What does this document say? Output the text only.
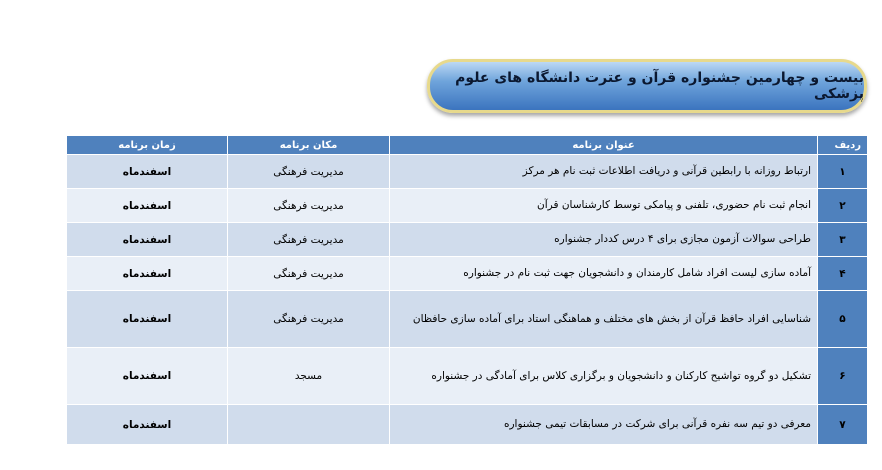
بیست و چهارمین جشنواره قرآن و عترت دانشگاه های علوم پزشکی
ردیف	عنوان برنامه	مکان برنامه	زمان برنامه
۱	ارتباط روزانه با رابطین قرآنی و دریافت اطلاعات ثبت نام هر مرکز	مدیریت فرهنگی	اسفندماه
۲	انجام ثبت نام حضوری، تلفنی و پیامکی توسط کارشناسان قرآن	مدیریت فرهنگی	اسفندماه
۳	طراحی سوالات آزمون مجازی برای ۴ درس کددار جشنواره	مدیریت فرهنگی	اسفندماه
۴	آماده سازی لیست افراد شامل کارمندان و دانشجویان جهت ثبت نام در جشنواره	مدیریت فرهنگی	اسفندماه
۵	شناسایی افراد حافظ قرآن از بخش های مختلف و هماهنگی استاد برای آماده سازی حافظان	مدیریت فرهنگی	اسفندماه
۶	تشکیل دو گروه تواشیح کارکنان و دانشجویان و برگزاری کلاس برای آمادگی در جشنواره	مسجد	اسفندماه
۷	معرفی دو تیم سه نفره قرآنی برای شرکت در مسابقات تیمی جشنواره		اسفندماه
